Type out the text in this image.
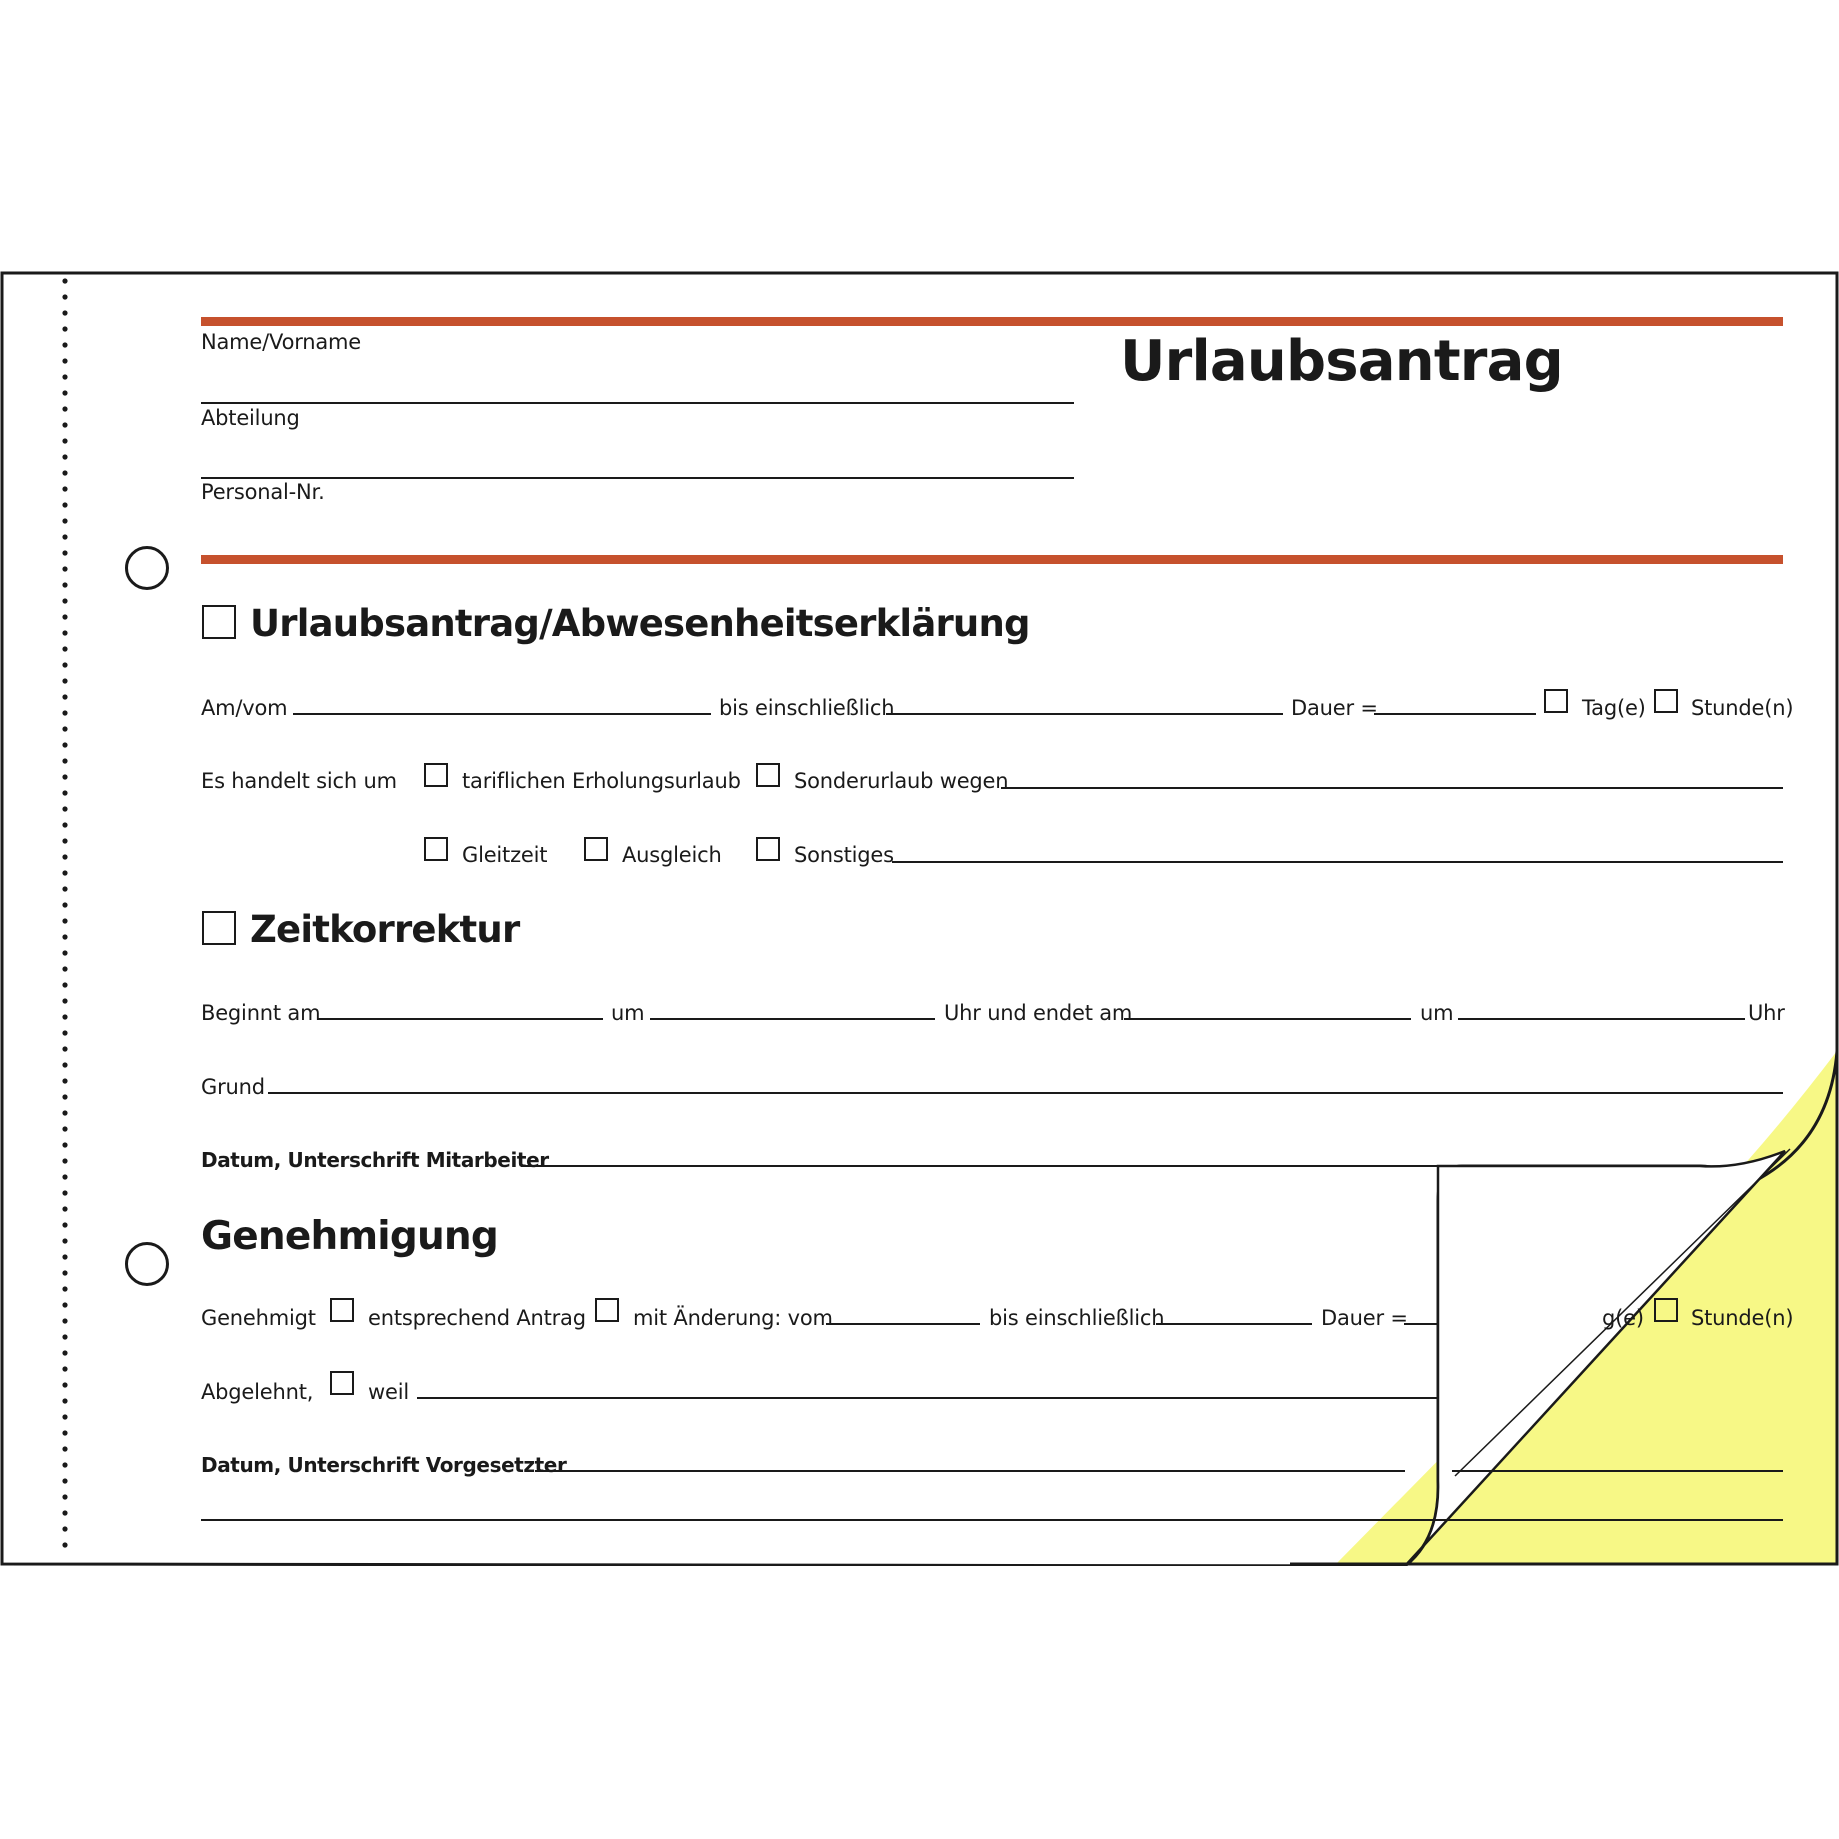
Name/Vorname
Abteilung
Personal-Nr.
Urlaubsantrag
Urlaubsantrag/Abwesenheitserklärung
Am/vom	bis einschließlich	Dauer =	Tag(e) Stunde(n)
Es handelt sich um	tariflichen Erholungsurlaub	Sonderurlaub wegen
Gleitzeit	Ausgleich	Sonstiges
Zeitkorrektur
Beginnt am	um	Uhr und endet am	um	Uhr
Grund
Datum, Unterschrift Mitarbeiter
Genehmigung
Genehmigt entsprechend Antrag mit Änderung: vom	bis einschließlich	Dauer =	g(e) Stunde(n)
Abgelehnt,	weil
Datum, Unterschrift Vorgesetzter
